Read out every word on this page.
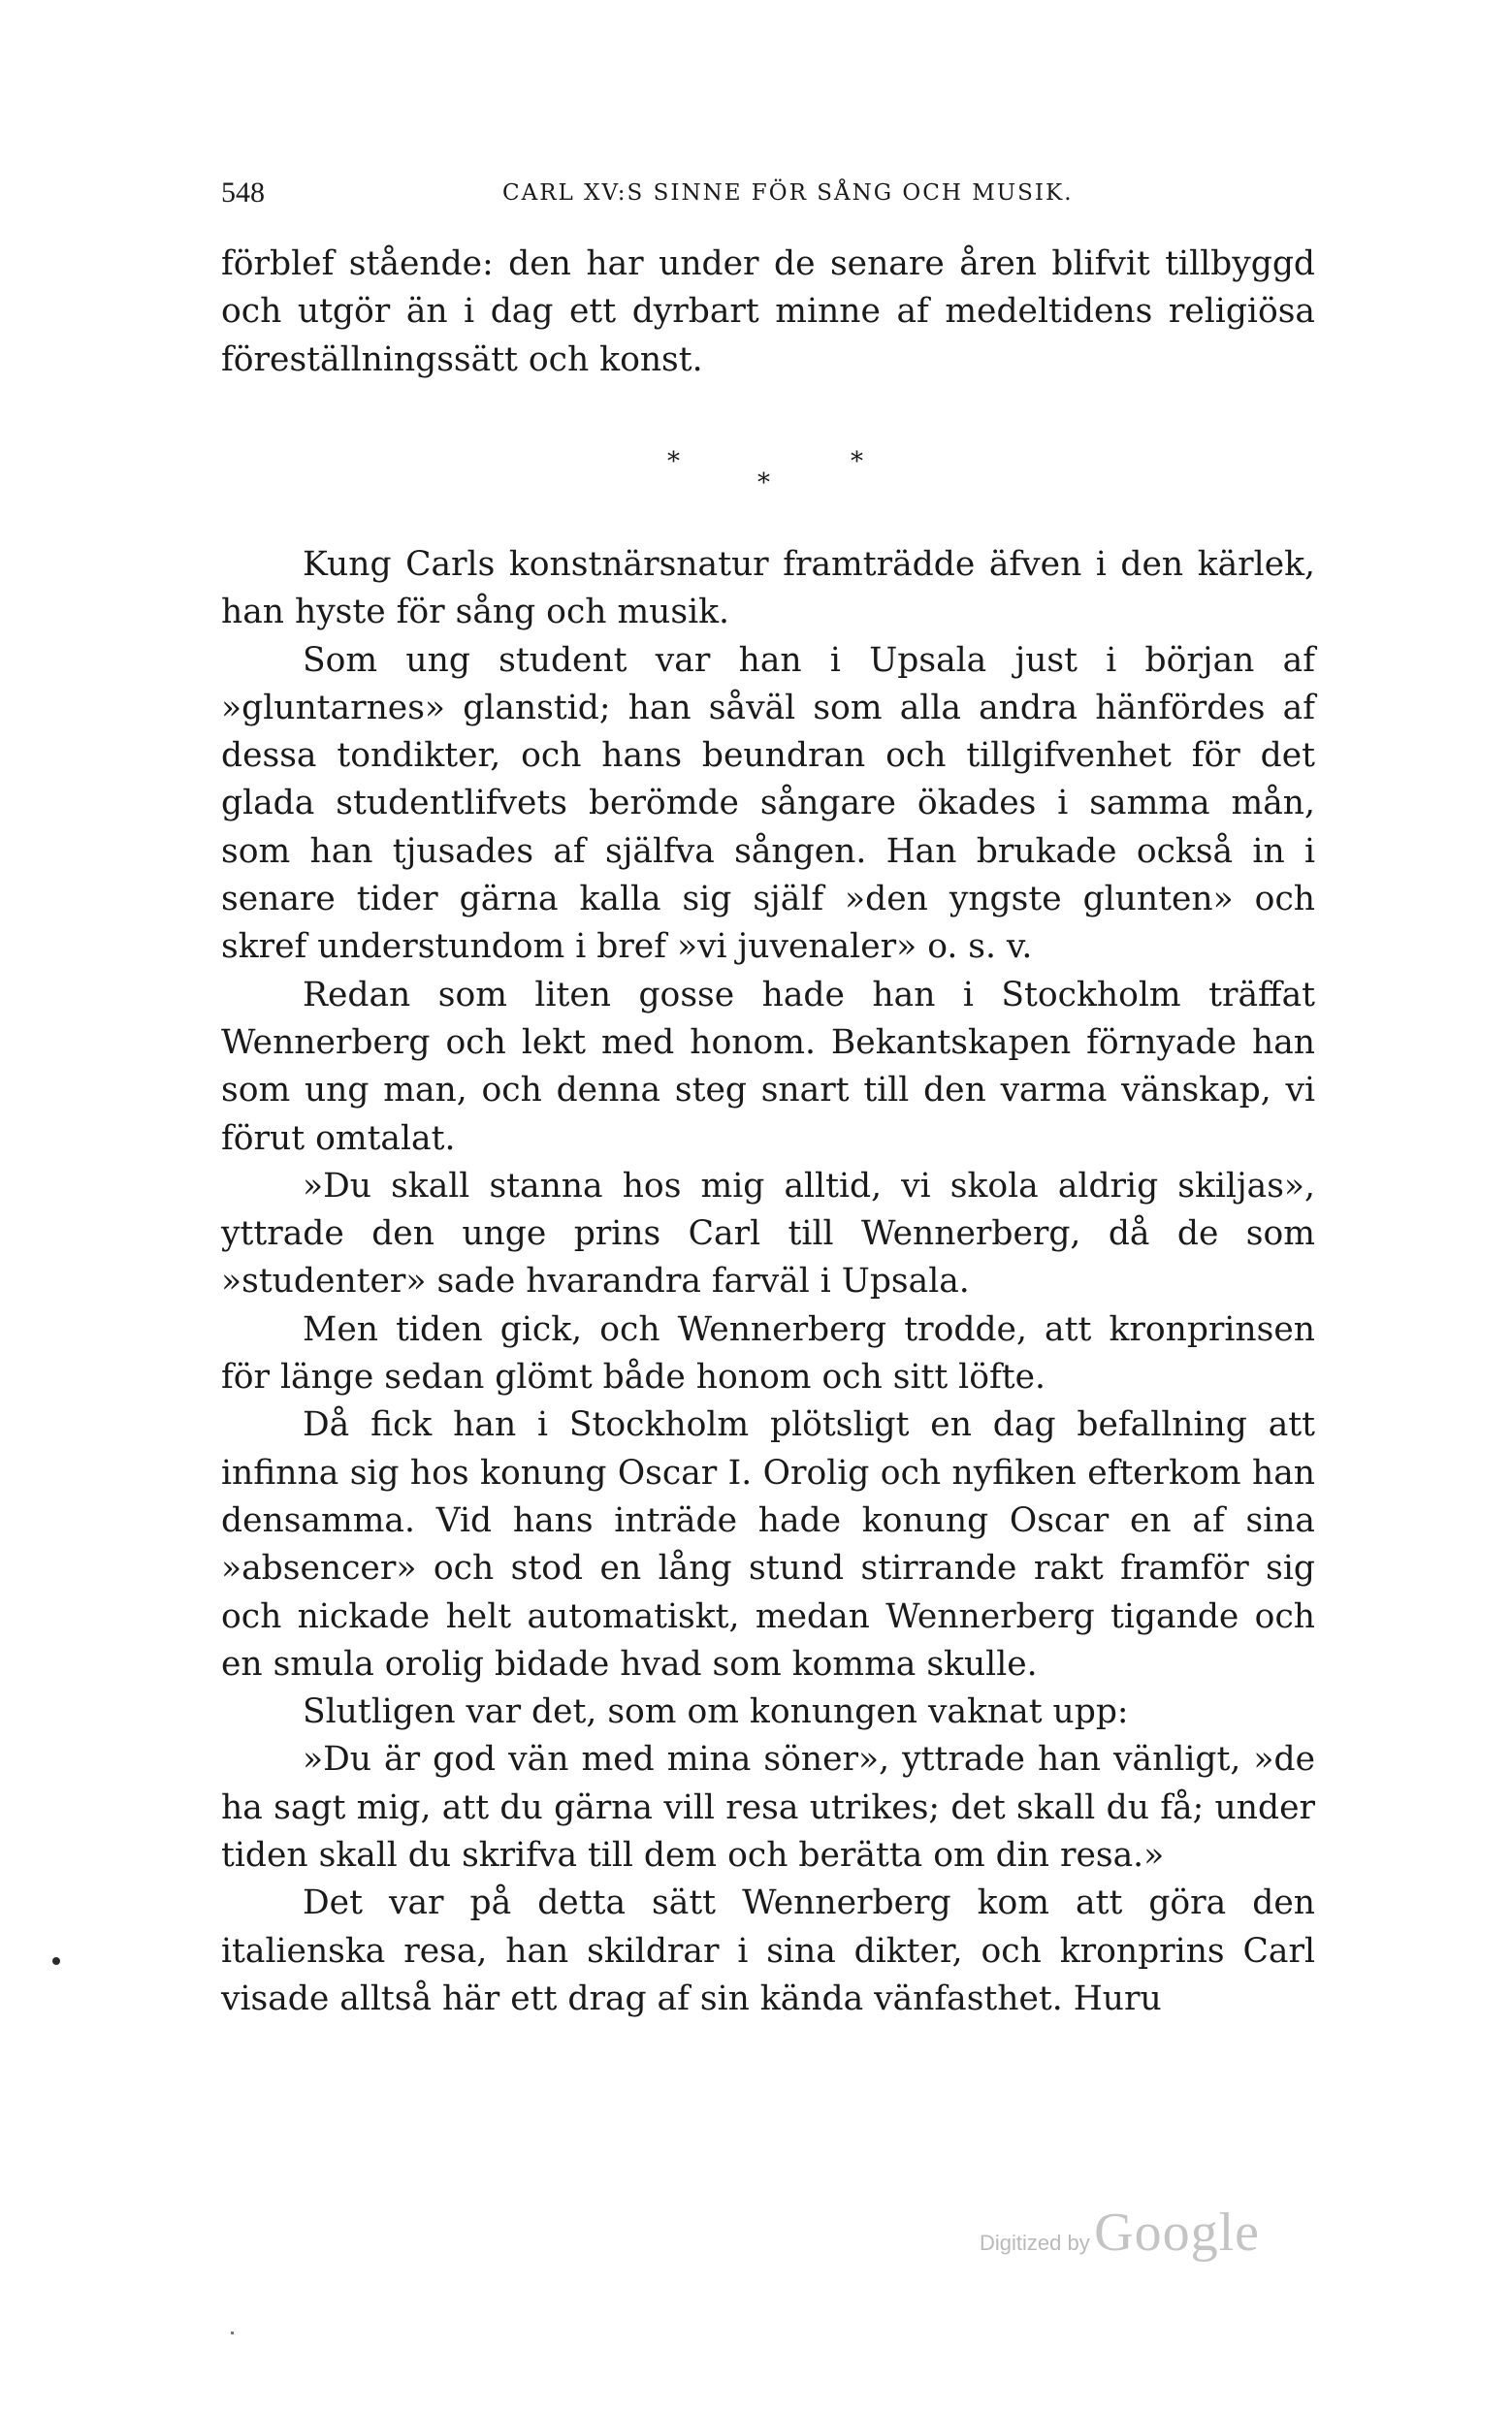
548	CARL XV:S SINNE FÖR SÅNG OCH MUSIK.

förblef stående: den har under de senare åren blifvit tillbyggd och utgör än i dag ett dyrbart minne af medeltidens religiösa föreställningssätt och konst.

*
*
*

Kung Carls konstnärsnatur framträdde äfven i den kärlek, han hyste för sång och musik.

Som ung student var han i Upsala just i början af »gluntarnes» glanstid; han såväl som alla andra hänfördes af dessa tondikter, och hans beundran och tillgifvenhet för det glada studentlifvets berömde sångare ökades i samma mån, som han tjusades af själfva sången. Han brukade också in i senare tider gärna kalla sig själf »den yngste glunten» och skref understundom i bref »vi juvenaler» o. s. v.

Redan som liten gosse hade han i Stockholm träffat Wennerberg och lekt med honom. Bekantskapen förnyade han som ung man, och denna steg snart till den varma vänskap, vi förut omtalat.

»Du skall stanna hos mig alltid, vi skola aldrig skiljas», yttrade den unge prins Carl till Wennerberg, då de som »studenter» sade hvarandra farväl i Upsala.

Men tiden gick, och Wennerberg trodde, att kronprinsen för länge sedan glömt både honom och sitt löfte.

Då fick han i Stockholm plötsligt en dag befallning att infinna sig hos konung Oscar I. Orolig och nyfiken efterkom han densamma. Vid hans inträde hade konung Oscar en af sina »absencer» och stod en lång stund stirrande rakt framför sig och nickade helt automatiskt, medan Wennerberg tigande och en smula orolig bidade hvad som komma skulle.

Slutligen var det, som om konungen vaknat upp:

»Du är god vän med mina söner», yttrade han vänligt, »de ha sagt mig, att du gärna vill resa utrikes; det skall du få; under tiden skall du skrifva till dem och berätta om din resa.»

Det var på detta sätt Wennerberg kom att göra den italienska resa, han skildrar i sina dikter, och kronprins Carl visade alltså här ett drag af sin kända vänfasthet. Huru

Digitized by Google
